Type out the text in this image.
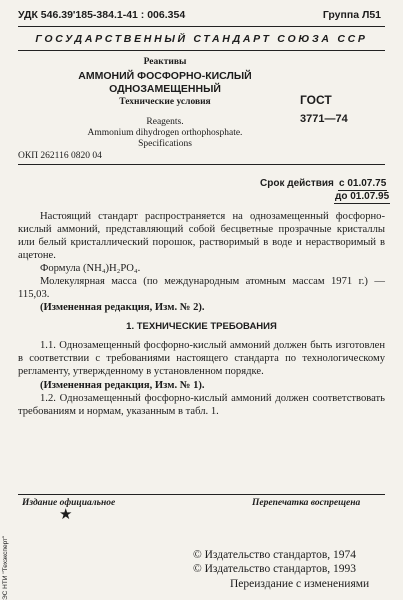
УДК 546.39'185-384.1-41 : 006.354	Группа Л51
ГОСУДАРСТВЕННЫЙ СТАНДАРТ СОЮЗА ССР
Реактивы
АММОНИЙ ФОСФОРНО-КИСЛЫЙ
ОДНОЗАМЕЩЕННЫЙ
Технические условия
Reagents.
Ammonium dihydrogen orthophosphate.
Specifications
ГОСТ
3771—74
ОКП 262116 0820 04
Срок действия с 01.07.75
до 01.07.95
Настоящий стандарт распространяется на однозамещенный фосфорно-кислый аммоний, представляющий собой бесцветные прозрачные кристаллы или белый кристаллический порошок, растворимый в воде и нерастворимый в ацетоне.
Формула (NH₄)H₂PO₄.
Молекулярная масса (по международным атомным массам 1971 г.) — 115,03.
(Измененная редакция, Изм. № 2).
1. ТЕХНИЧЕСКИЕ ТРЕБОВАНИЯ
1.1. Однозамещенный фосфорно-кислый аммоний должен быть изготовлен в соответствии с требованиями настоящего стандарта по технологическому регламенту, утвержденному в установленном порядке.
(Измененная редакция, Изм. № 1).
1.2. Однозамещенный фосфорно-кислый аммоний должен соответствовать требованиям и нормам, указанным в табл. 1.
Издание официальное	Перепечатка воспрещена
★
© Издательство стандартов, 1974
© Издательство стандартов, 1993
Переиздание с изменениями
ЭС НТИ "Техэксперт"
